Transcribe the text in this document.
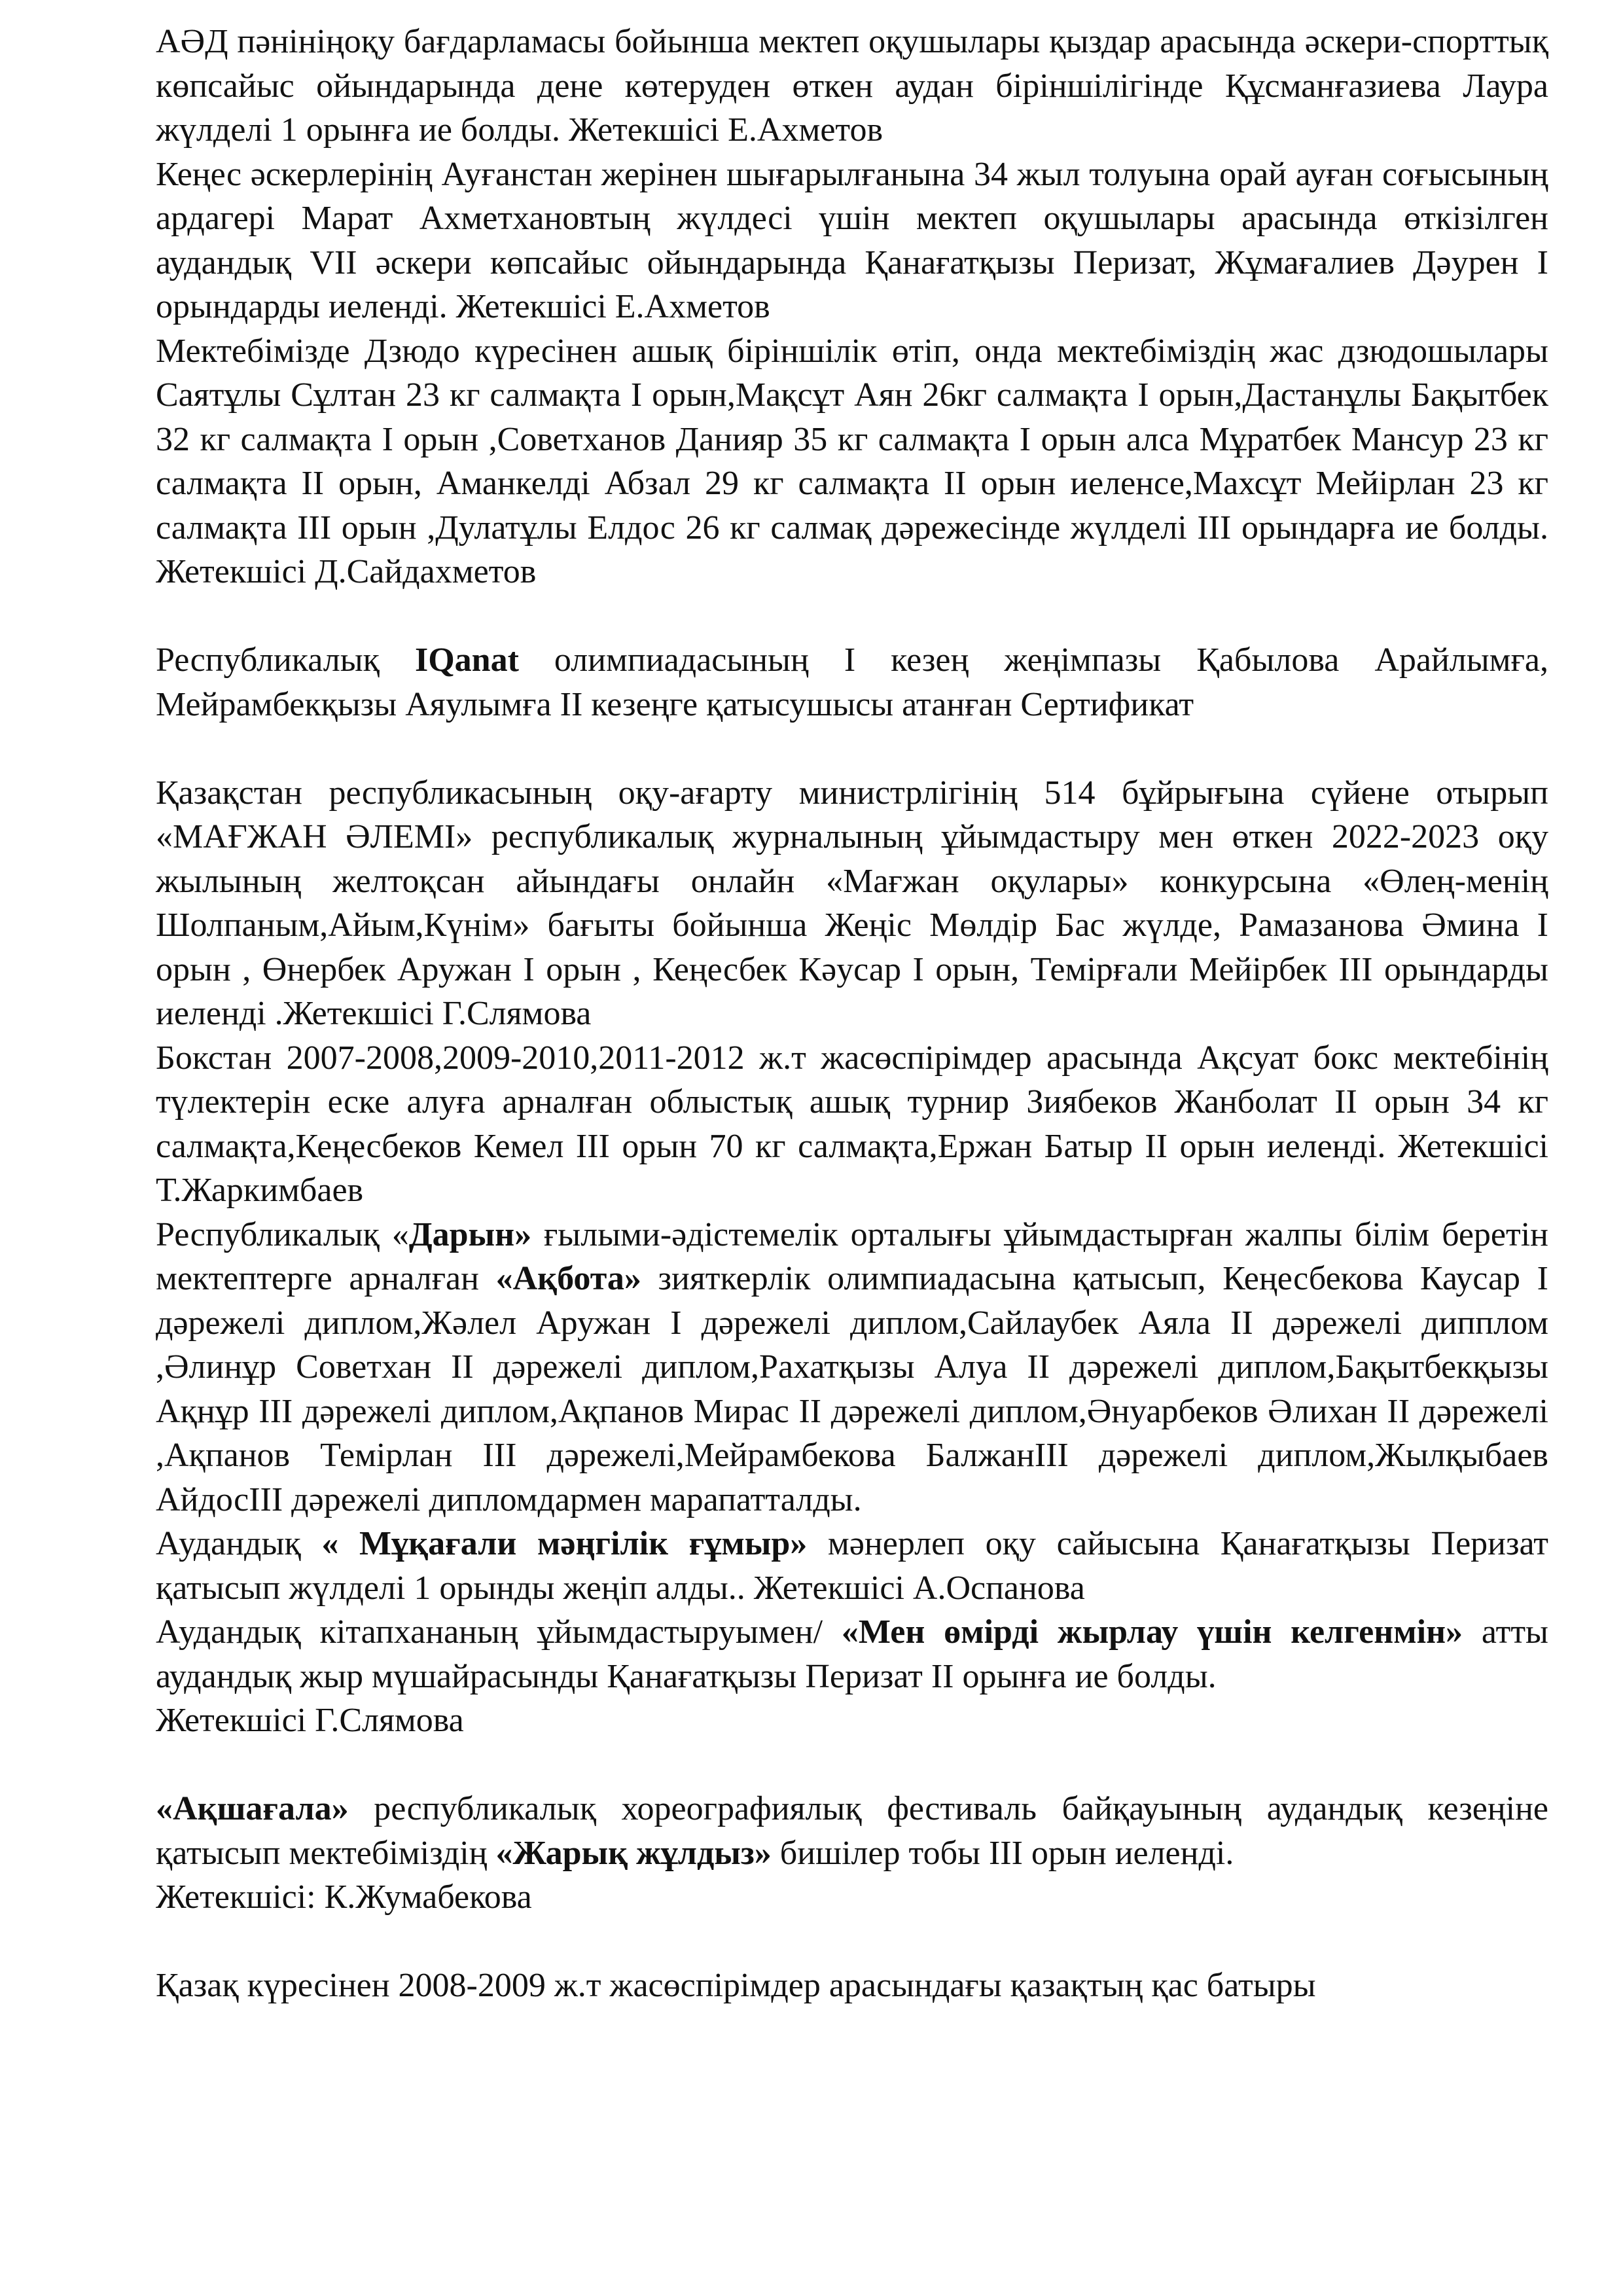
АӘД пәнініңоқу бағдарламасы бойынша мектеп оқушылары қыздар арасында әскери-спорттық көпсайыс ойындарында дене көтеруден өткен аудан біріншілігінде Құсманғазиева Лаура жүлделі 1 орынға ие болды. Жетекшісі Е.Ахметов

Кеңес әскерлерінің Ауғанстан жерінен шығарылғанына 34 жыл толуына орай ауған соғысының ардагері Марат Ахметхановтың жүлдесі үшін мектеп оқушылары арасында өткізілген аудандық VII әскери көпсайыс ойындарында Қанағатқызы Перизат, Жұмағалиев Дәурен І орындарды иеленді. Жетекшісі Е.Ахметов

Мектебімізде Дзюдо күресінен ашық біріншілік өтіп, онда мектебіміздің жас дзюдошылары Саятұлы Сұлтан 23 кг салмақта І орын,Мақсұт Аян 26кг салмақта І орын,Дастанұлы Бақытбек 32 кг салмақта І орын ,Советханов Данияр 35 кг салмақта І орын алса Мұратбек Мансур 23 кг салмақта ІІ орын, Аманкелді Абзал 29 кг салмақта ІІ орын иеленсе,Махсұт Мейірлан 23 кг салмақта ІІІ орын ,Дулатұлы Елдос 26 кг салмақ дәрежесінде жүлделі ІІІ орындарға ие болды. Жетекшісі Д.Сайдахметов

Республикалық IQanat олимпиадасының І кезең жеңімпазы Қабылова Арайлымға, Мейрамбекқызы Аяулымға ІІ кезеңге қатысушысы атанған Сертификат

Қазақстан республикасының оқу-ағарту министрлігінің 514 бұйрығына сүйене отырып «МАҒЖАН ӘЛЕМІ» республикалық журналының ұйымдастыру мен өткен 2022-2023 оқу жылының желтоқсан айындағы онлайн «Мағжан оқулары» конкурсына «Өлең-менің Шолпаным,Айым,Күнім» бағыты бойынша Жеңіс Мөлдір Бас жүлде, Рамазанова Әмина І орын , Өнербек Аружан І орын , Кеңесбек Кәусар І орын, Темірғали Мейірбек ІІІ орындарды иеленді .Жетекшісі Г.Слямова

Бокстан 2007-2008,2009-2010,2011-2012 ж.т жасөспірімдер арасында Ақсуат бокс мектебінің түлектерін еске алуға арналған облыстық ашық турнир Зиябеков Жанболат ІІ орын 34 кг салмақта,Кеңесбеков Кемел ІІІ орын 70 кг салмақта,Ержан Батыр ІІ орын иеленді. Жетекшісі Т.Жаркимбаев

Республикалық «Дарын» ғылыми-әдістемелік орталығы ұйымдастырған жалпы білім беретін мектептерге арналған «Ақбота» зияткерлік олимпиадасына қатысып, Кеңесбекова Каусар І дәрежелі диплом,Жәлел Аружан І дәрежелі диплом,Сайлаубек Аяла ІІ дәрежелі дипплом ,Әлинұр Советхан ІІ дәрежелі диплом,Рахатқызы Алуа ІІ дәрежелі диплом,Бақытбекқызы Ақнұр ІІІ дәрежелі диплом,Ақпанов Мирас ІІ дәрежелі диплом,Әнуарбеков Әлихан ІІ дәрежелі ,Ақпанов Темірлан ІІІ дәрежелі,Мейрамбекова БалжанІІІ дәрежелі диплом,Жылқыбаев АйдосІІІ дәрежелі дипломдармен марапатталды.

Аудандық « Мұқағали мәңгілік ғұмыр» мәнерлеп оқу сайысына Қанағатқызы Перизат қатысып жүлделі 1 орынды жеңіп алды.. Жетекшісі А.Оспанова

Аудандық кітапхананың ұйымдастыруымен/ «Мен өмірді жырлау үшін келгенмін» атты аудандық жыр мүшайрасынды Қанағатқызы Перизат ІІ орынға ие болды.

Жетекшісі Г.Слямова

«Ақшағала» республикалық хореографиялық фестиваль байқауының аудандық кезеңіне қатысып мектебіміздің «Жарық жұлдыз» бишілер тобы ІІІ орын иеленді.

Жетекшісі: К.Жумабекова

Қазақ күресінен 2008-2009 ж.т жасөспірімдер арасындағы қазақтың қас батыры
